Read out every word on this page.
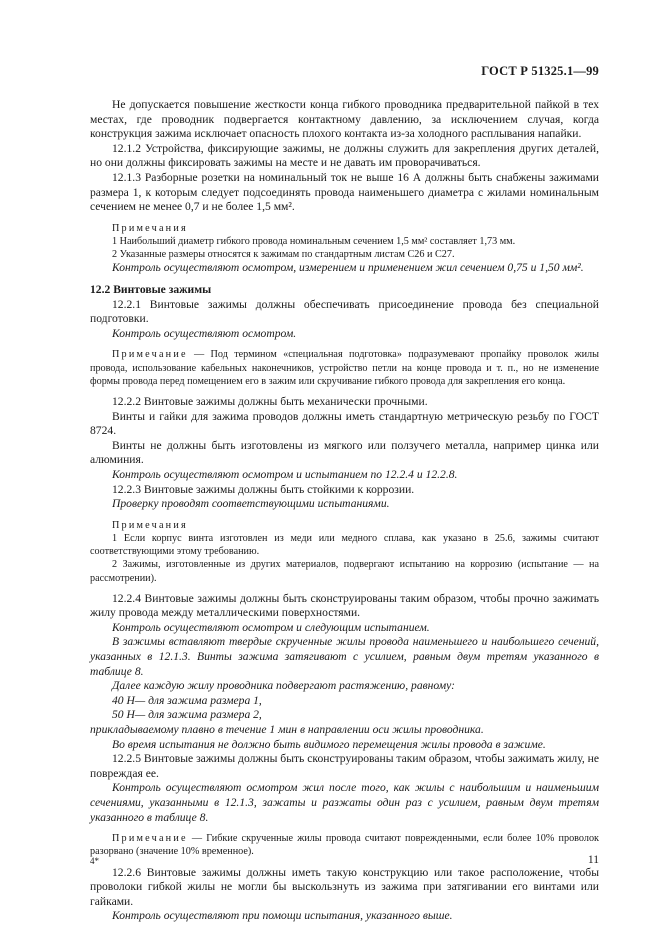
ГОСТ Р 51325.1—99

Не допускается повышение жесткости конца гибкого проводника предварительной пайкой в тех местах, где проводник подвергается контактному давлению, за исключением случая, когда конструкция зажима исключает опасность плохого контакта из-за холодного расплывания напайки.

12.1.2 Устройства, фиксирующие зажимы, не должны служить для закрепления других деталей, но они должны фиксировать зажимы на месте и не давать им проворачиваться.

12.1.3 Разборные розетки на номинальный ток не выше 16 А должны быть снабжены зажимами размера 1, к которым следует подсоединять провода наименьшего диаметра с жилами номинальным сечением не менее 0,7 и не более 1,5 мм².

Примечания

1 Наибольший диаметр гибкого провода номинальным сечением 1,5 мм² составляет 1,73 мм.

2 Указанные размеры относятся к зажимам по стандартным листам С26 и С27.

Контроль осуществляют осмотром, измерением и применением жил сечением 0,75 и 1,50 мм².

12.2 Винтовые зажимы

12.2.1 Винтовые зажимы должны обеспечивать присоединение провода без специальной подготовки.

Контроль осуществляют осмотром.

Примечание — Под термином «специальная подготовка» подразумевают пропайку проволок жилы провода, использование кабельных наконечников, устройство петли на конце провода и т. п., но не изменение формы провода перед помещением его в зажим или скручивание гибкого провода для закрепления его конца.

12.2.2 Винтовые зажимы должны быть механически прочными.

Винты и гайки для зажима проводов должны иметь стандартную метрическую резьбу по ГОСТ 8724.

Винты не должны быть изготовлены из мягкого или ползучего металла, например цинка или алюминия.

Контроль осуществляют осмотром и испытанием по 12.2.4 и 12.2.8.

12.2.3 Винтовые зажимы должны быть стойкими к коррозии.

Проверку проводят соответствующими испытаниями.

Примечания

1 Если корпус винта изготовлен из меди или медного сплава, как указано в 25.6, зажимы считают соответствующими этому требованию.

2 Зажимы, изготовленные из других материалов, подвергают испытанию на коррозию (испытание — на рассмотрении).

12.2.4 Винтовые зажимы должны быть сконструированы таким образом, чтобы прочно зажимать жилу провода между металлическими поверхностями.

Контроль осуществляют осмотром и следующим испытанием.

В зажимы вставляют твердые скрученные жилы провода наименьшего и наибольшего сечений, указанных в 12.1.3. Винты зажима затягивают с усилием, равным двум третям указанного в таблице 8.

Далее каждую жилу проводника подвергают растяжению, равному:

40 Н— для зажима размера 1,

50 Н— для зажима размера 2,

прикладываемому плавно в течение 1 мин в направлении оси жилы проводника.

Во время испытания не должно быть видимого перемещения жилы провода в зажиме.

12.2.5 Винтовые зажимы должны быть сконструированы таким образом, чтобы зажимать жилу, не повреждая ее.

Контроль осуществляют осмотром жил после того, как жилы с наибольшим и наименьшим сечениями, указанными в 12.1.3, зажаты и разжаты один раз с усилием, равным двум третям указанного в таблице 8.

Примечание — Гибкие скрученные жилы провода считают поврежденными, если более 10% проволок разорвано (значение 10% временное).

12.2.6 Винтовые зажимы должны иметь такую конструкцию или такое расположение, чтобы проволоки гибкой жилы не могли бы выскользнуть из зажима при затягивании его винтами или гайками.

Контроль осуществляют при помощи испытания, указанного выше.

4*	11
